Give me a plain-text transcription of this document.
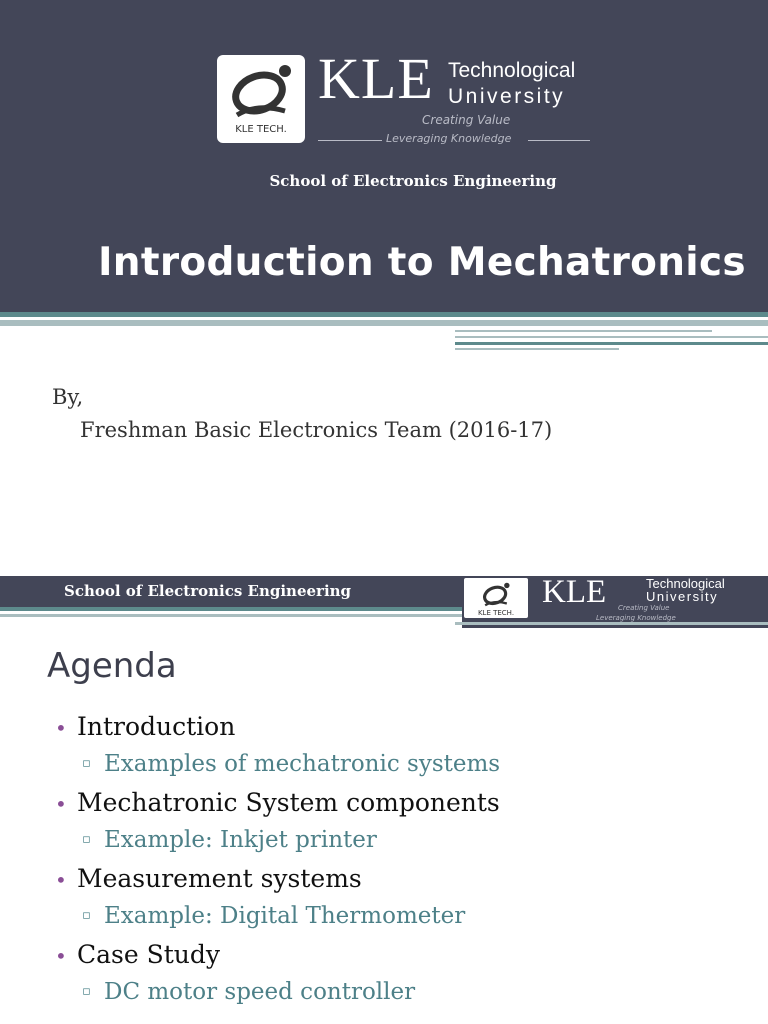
KLE TECH.
KLE Technological
University
Creating Value
Leveraging Knowledge
School of Electronics Engineering
Introduction to Mechatronics
By,
Freshman Basic Electronics Team (2016-17)
School of Electronics Engineering
KLE TECH.
KLE	Technological
University
Creating Value
Leveraging Knowledge
Agenda
• Introduction
▫ Examples of mechatronic systems
• Mechatronic System components
▫ Example: Inkjet printer
• Measurement systems
▫ Example: Digital Thermometer
• Case Study
▫ DC motor speed controller
